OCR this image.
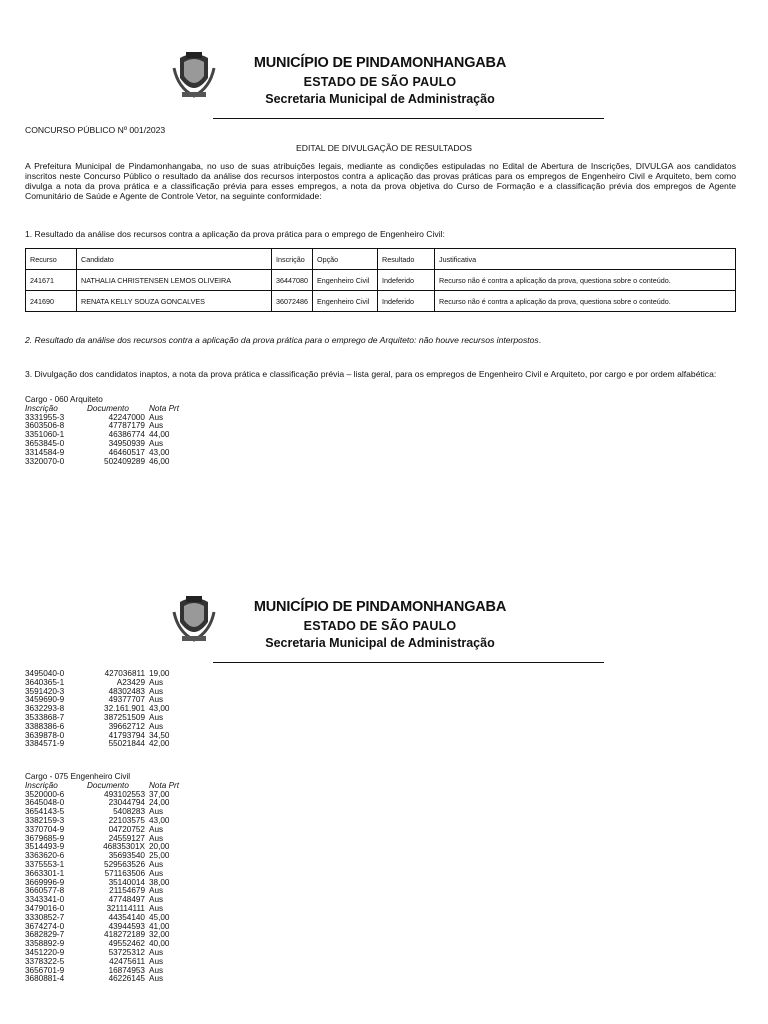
MUNICÍPIO DE PINDAMONHANGABA
ESTADO DE SÃO PAULO
Secretaria Municipal de Administração
CONCURSO PÚBLICO Nº 001/2023
EDITAL DE DIVULGAÇÃO DE RESULTADOS
A Prefeitura Municipal de Pindamonhangaba, no uso de suas atribuições legais, mediante as condições estipuladas no Edital de Abertura de Inscrições, DIVULGA aos candidatos inscritos neste Concurso Público o resultado da análise dos recursos interpostos contra a aplicação das provas práticas para os empregos de Engenheiro Civil e Arquiteto, bem como divulga a nota da prova prática e a classificação prévia para esses empregos, a nota da prova objetiva do Curso de Formação e a classificação prévia dos empregos de Agente Comunitário de Saúde e Agente de Controle Vetor, na seguinte conformidade:
1. Resultado da análise dos recursos contra a aplicação da prova prática para o emprego de Engenheiro Civil:
Recurso	Candidato	Inscrição	Opção	Resultado	Justificativa
241671	NATHALIA CHRISTENSEN LEMOS OLIVEIRA	36447080	Engenheiro Civil	Indeferido	Recurso não é contra a aplicação da prova, questiona sobre o conteúdo.
241690	RENATA KELLY SOUZA GONCALVES	36072486	Engenheiro Civil	Indeferido	Recurso não é contra a aplicação da prova, questiona sobre o conteúdo.
2. Resultado da análise dos recursos contra a aplicação da prova prática para o emprego de Arquiteto: não houve recursos interpostos.
3. Divulgação dos candidatos inaptos, a nota da prova prática e classificação prévia – lista geral, para os empregos de Engenheiro Civil e Arquiteto, por cargo e por ordem alfabética:
Cargo - 060 Arquiteto
Inscrição	Documento	Nota Prt
3331955-3	42247000 Aus
3603506-8	47787179 Aus
3351060-1	46386774 44,00
3653845-0	34950939 Aus
3314584-9	46460517 43,00
3320070-0	502409289 46,00
MUNICÍPIO DE PINDAMONHANGABA
ESTADO DE SÃO PAULO
Secretaria Municipal de Administração
3495040-0	427036811 19,00
3640365-1	A23429 Aus
3591420-3	48302483 Aus
3459690-9	49377707 Aus
3632293-8	32.161.901 43,00
3533868-7	387251509 Aus
3388386-6	39662712 Aus
3639878-0	41793794 34,50
3384571-9	55021844 42,00
Cargo - 075 Engenheiro Civil
Inscrição	Documento	Nota Prt
3520000-6	493102553 37,00
3645048-0	23044794 24,00
3654143-5	5408283 Aus
3382159-3	22103575 43,00
3370704-9	04720752 Aus
3679685-9	24559127 Aus
3514493-9	46835301X 20,00
3363620-6	35693540 25,00
3375553-1	529563526 Aus
3663301-1	571163506 Aus
3669996-9	35140014 38,00
3660577-8	21154679 Aus
3343341-0	47748497 Aus
3479016-0	321114111 Aus
3330852-7	44354140 45,00
3674274-0	43944593 41,00
3682829-7	418272189 32,00
3358892-9	49552462 40,00
3451220-9	53725312 Aus
3378322-5	42475611 Aus
3656701-9	16874953 Aus
3680881-4	46226145 Aus
